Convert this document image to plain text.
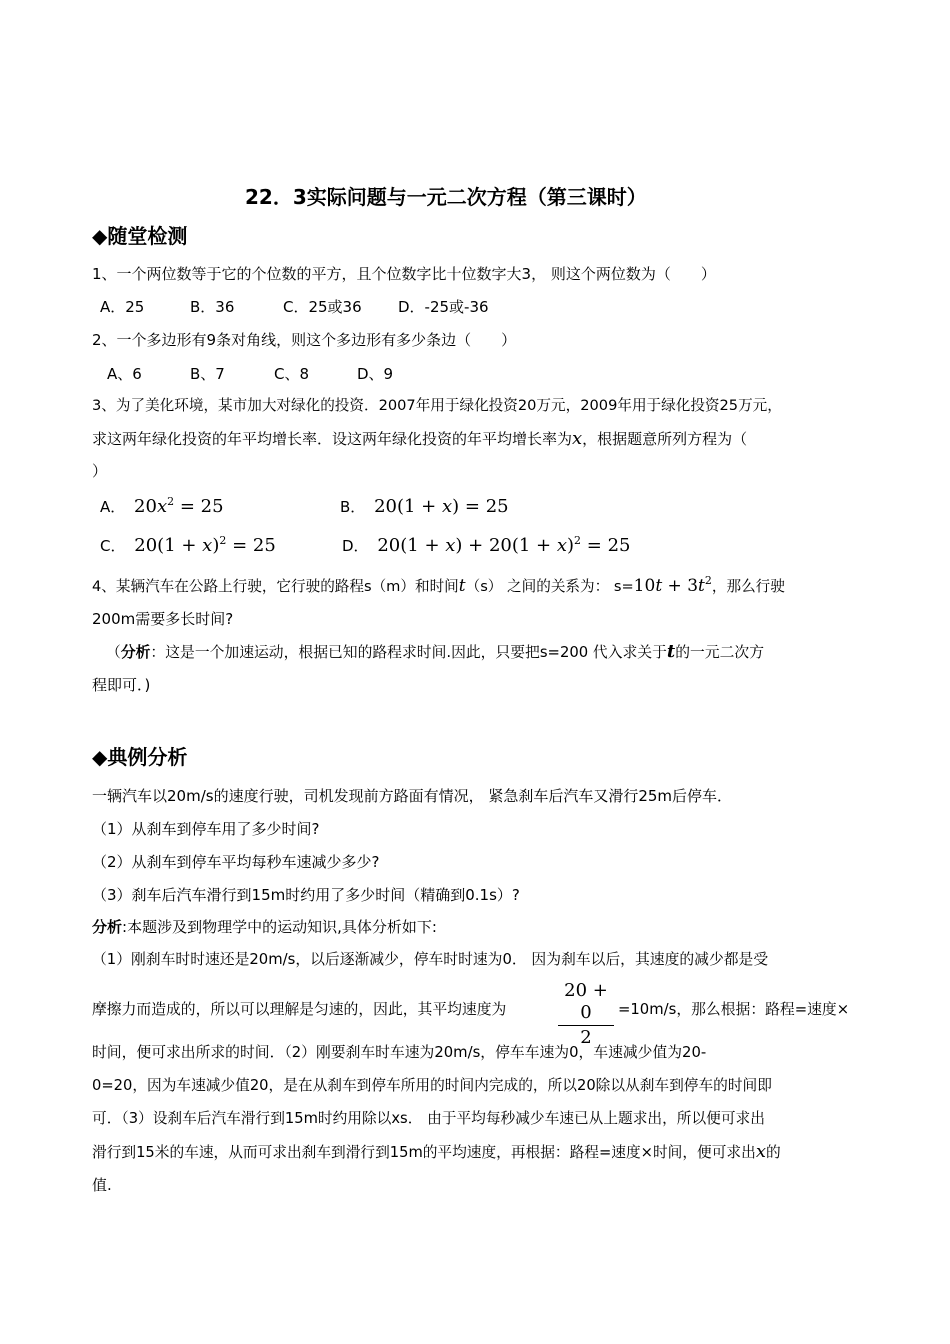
22．3实际问题与一元二次方程（第三课时）
◆随堂检测
1、一个两位数等于它的个位数的平方，且个位数字比十位数字大3， 则这个两位数为（　　）
A．25	B．36	C．25或36 D．-25或-36
2、一个多边形有9条对角线，则这个多边形有多少条边（　　）
A、6	B、7	C、8	D、9
3、为了美化环境，某市加大对绿化的投资．2007年用于绿化投资20万元，2009年用于绿化投资25万元，
求这两年绿化投资的年平均增长率．设这两年绿化投资的年平均增长率为x，根据题意所列方程为（
）
A． $20x^2 = 25$	B． 20(1 + x) = 25
C． $20(1 + x)^2 = 25$	D． $20(1 + x) + 20(1 + x)^2 = 25$
4、某辆汽车在公路上行驶，它行驶的路程s（m）和时间t（s） 之间的关系为： $s=10t + 3t^2$，那么行驶
200m需要多长时间?
（分析：这是一个加速运动，根据已知的路程求时间.因此，只要把s=200 代入求关于t的一元二次方
程即可．)
◆典例分析
一辆汽车以20m/s的速度行驶，司机发现前方路面有情况， 紧急刹车后汽车又滑行25m后停车．
（1）从刹车到停车用了多少时间?
（2）从刹车到停车平均每秒车速减少多少?
（3）刹车后汽车滑行到15m时约用了多少时间（精确到0.1s）?
分析:本题涉及到物理学中的运动知识,具体分析如下:
（1）刚刹车时时速还是20m/s，以后逐渐减少，停车时时速为0． 因为刹车以后，其速度的减少都是受
摩擦力而造成的，所以可以理解是匀速的，因此，其平均速度为
20 + 0
2
=10m/s，那么根据：路程=速度×
时间，便可求出所求的时间．（2）刚要刹车时车速为20m/s，停车车速为0，车速减少值为20-
0=20，因为车速减少值20，是在从刹车到停车所用的时间内完成的，所以20除以从刹车到停车的时间即
可．（3）设刹车后汽车滑行到15m时约用除以xs． 由于平均每秒减少车速已从上题求出，所以便可求出
滑行到15米的车速，从而可求出刹车到滑行到15m的平均速度，再根据：路程=速度×时间，便可求出x的
值.
